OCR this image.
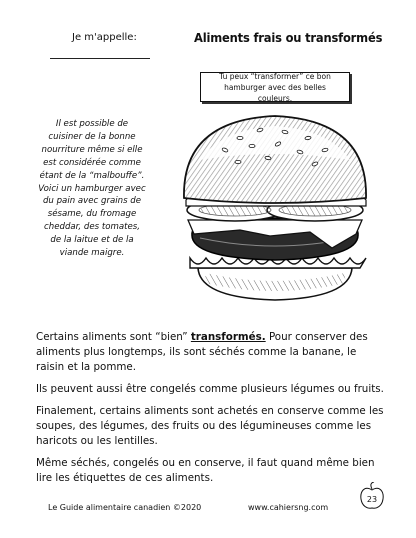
Je m'appelle:	Aliments frais ou transformés
Tu peux “transformer” ce bon hamburger avec des belles couleurs.
Il est possible de cuisiner de la bonne nourriture même si elle est considérée comme étant de la “malbouffe”. Voici un hamburger avec du pain avec grains de sésame, du fromage cheddar, des tomates, de la laitue et de la viande maigre.

Certains aliments sont “bien” transformés. Pour conserver des aliments plus longtemps, ils sont séchés comme la banane, le raisin et la pomme.

Ils peuvent aussi être congelés comme plusieurs légumes ou fruits.

Finalement, certains aliments sont achetés en conserve comme les soupes, des légumes, des fruits ou des légumineuses comme les haricots ou les lentilles.

Même séchés, congelés ou en conserve, il faut quand même bien lire les étiquettes de ces aliments.

Le Guide alimentaire canadien ©2020	www.cahiersng.com
23
